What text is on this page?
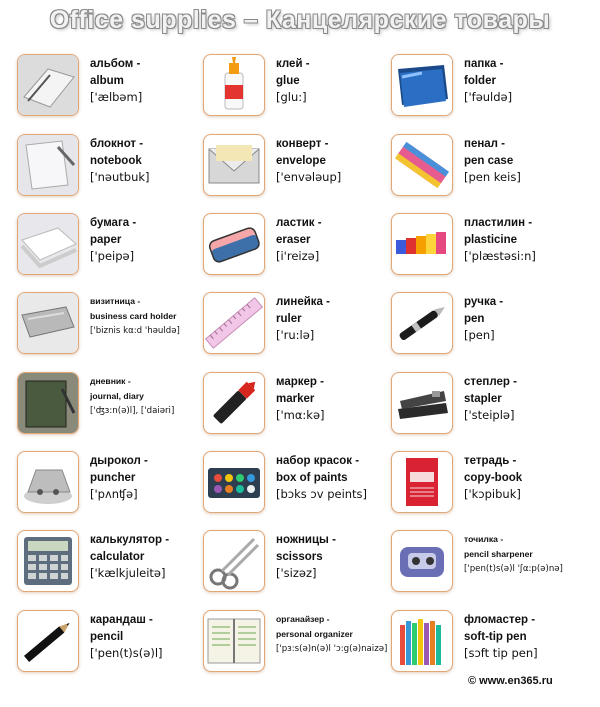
Office supplies – Канцелярские товары
альбом -
album
['ælbəm]
клей -
glue
[glu:]
папка -
folder
['fəuldə]
блокнот -
notebook
['nəutbuk]
конверт -
envelope
['envələup]
пенал -
pen case
[pen keis]
бумага -
paper
['peipə]
ластик -
eraser
[i'reizə]
пластилин -
plasticine
['plæstəsi:n]
визитница -
business card holder
['biznis kα:d 'həuldə]
линейка -
ruler
['ru:lə]
ручка -
pen
[pen]
дневник -
journal, diary
['ʤɜ:n(ə)l], ['daiəri]
маркер -
marker
['mα:kə]
степлер -
stapler
['steiplə]
дырокол -
puncher
['pʌnʧə]
набор красок -
box of paints
[bɔks ɔv peints]
тетрадь -
copy-book
['kɔpibuk]
калькулятор -
calculator
['kælkjuleitə]
ножницы -
scissors
['sizəz]
точилка -
pencil sharpener
['pen(t)s(ə)l 'ʃα:p(ə)nə]
карандаш -
pencil
['pen(t)s(ə)l]
органайзер -
personal organizer
['pɜ:s(ə)n(ə)l 'ɔ:g(ə)naizə]
фломастер -
soft-tip pen
[sɔft tip pen]
© www.en365.ru
